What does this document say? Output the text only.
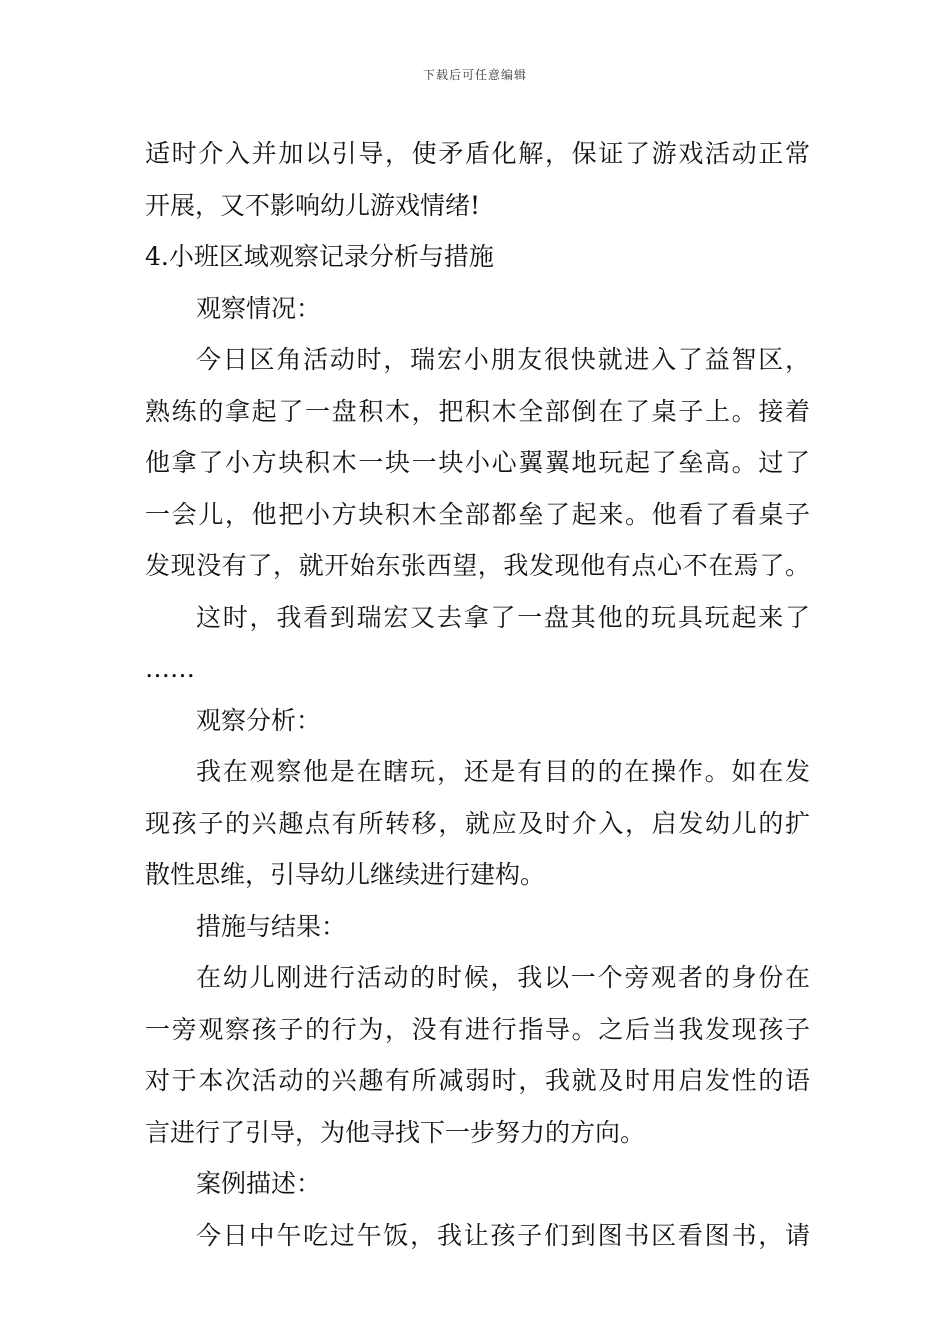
下载后可任意编辑
适时介入并加以引导，使矛盾化解，保证了游戏活动正常
开展，又不影响幼儿游戏情绪!
4.小班区域观察记录分析与措施
观察情况：
今日区角活动时，瑞宏小朋友很快就进入了益智区，
熟练的拿起了一盘积木，把积木全部倒在了桌子上。接着
他拿了小方块积木一块一块小心翼翼地玩起了垒高。过了
一会儿，他把小方块积木全部都垒了起来。他看了看桌子
发现没有了，就开始东张西望，我发现他有点心不在焉了。
这时，我看到瑞宏又去拿了一盘其他的玩具玩起来了
……
观察分析：
我在观察他是在瞎玩，还是有目的的在操作。如在发
现孩子的兴趣点有所转移，就应及时介入，启发幼儿的扩
散性思维，引导幼儿继续进行建构。
措施与结果：
在幼儿刚进行活动的时候，我以一个旁观者的身份在
一旁观察孩子的行为，没有进行指导。之后当我发现孩子
对于本次活动的兴趣有所减弱时，我就及时用启发性的语
言进行了引导，为他寻找下一步努力的方向。
案例描述：
今日中午吃过午饭，我让孩子们到图书区看图书，请
